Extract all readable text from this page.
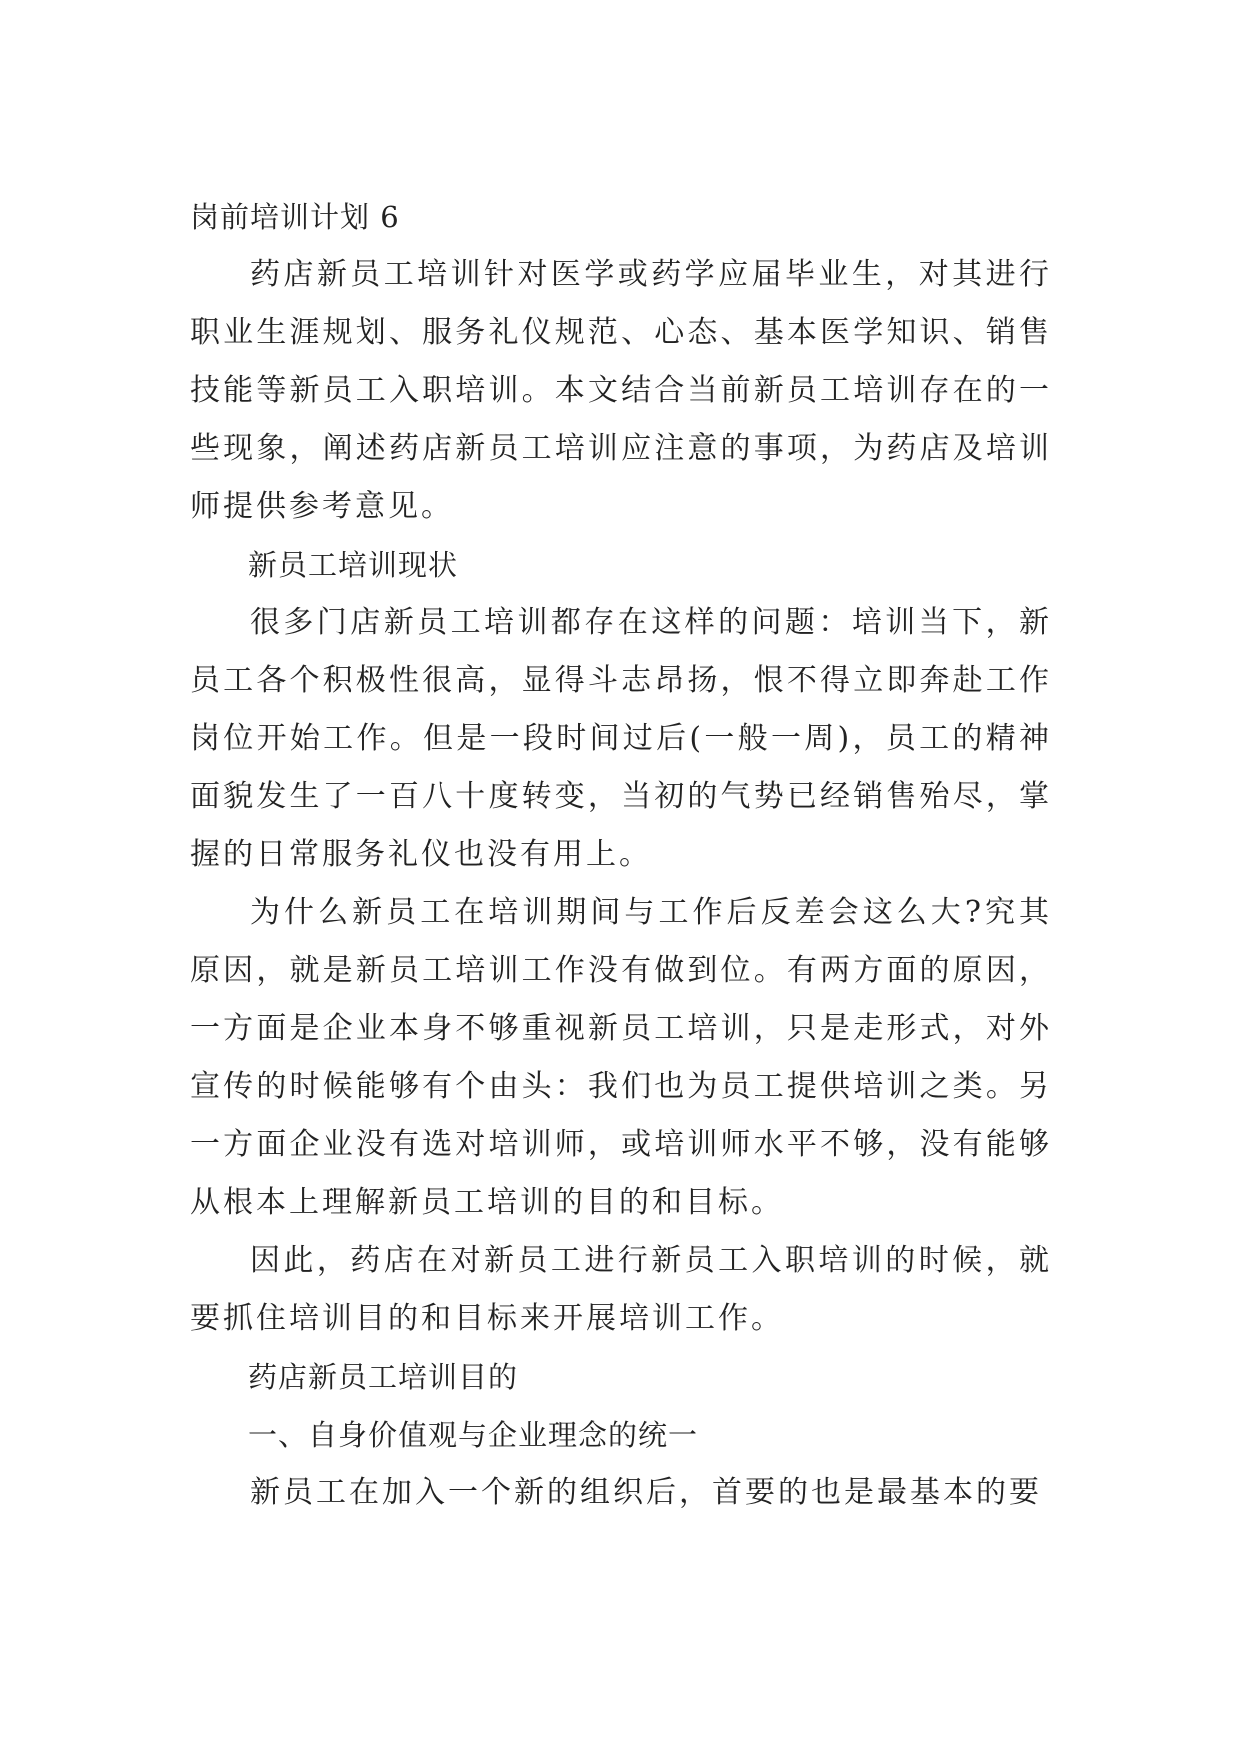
岗前培训计划 6

药店新员工培训针对医学或药学应届毕业生，对其进行职业生涯规划、服务礼仪规范、心态、基本医学知识、销售技能等新员工入职培训。本文结合当前新员工培训存在的一些现象，阐述药店新员工培训应注意的事项，为药店及培训师提供参考意见。

新员工培训现状

很多门店新员工培训都存在这样的问题：培训当下，新员工各个积极性很高，显得斗志昂扬，恨不得立即奔赴工作岗位开始工作。但是一段时间过后(一般一周)，员工的精神面貌发生了一百八十度转变，当初的气势已经销售殆尽，掌握的日常服务礼仪也没有用上。

为什么新员工在培训期间与工作后反差会这么大?究其原因，就是新员工培训工作没有做到位。有两方面的原因，一方面是企业本身不够重视新员工培训，只是走形式，对外宣传的时候能够有个由头：我们也为员工提供培训之类。另一方面企业没有选对培训师，或培训师水平不够，没有能够从根本上理解新员工培训的目的和目标。

因此，药店在对新员工进行新员工入职培训的时候，就要抓住培训目的和目标来开展培训工作。

药店新员工培训目的
一、自身价值观与企业理念的统一

新员工在加入一个新的组织后，首要的也是最基本的要
